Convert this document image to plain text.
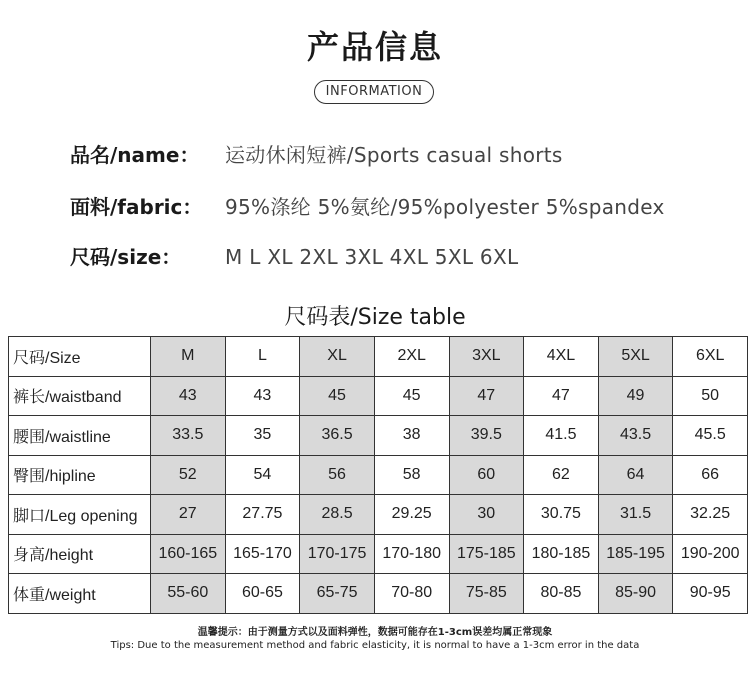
产品信息
INFORMATION
品名/name： 运动休闲短裤/Sports casual shorts
面料/fabric： 95%涤纶 5%氨纶/95%polyester 5%spandex
尺码/size： M L XL 2XL 3XL 4XL 5XL 6XL
尺码表/Size table
尺码/Size	M	L	XL	2XL	3XL	4XL	5XL	6XL
裤长/waistband	43	43	45	45	47	47	49	50
腰围/waistline	33.5	35	36.5	38	39.5	41.5	43.5	45.5
臀围/hipline	52	54	56	58	60	62	64	66
脚口/Leg opening	27	27.75	28.5	29.25	30	30.75	31.5	32.25
身高/height	160-165	165-170	170-175	170-180	175-185	180-185	185-195	190-200
体重/weight	55-60	60-65	65-75	70-80	75-85	80-85	85-90	90-95
温馨提示：由于测量方式以及面料弹性，数据可能存在1-3cm误差均属正常现象
Tips: Due to the measurement method and fabric elasticity, it is normal to have a 1-3cm error in the data
